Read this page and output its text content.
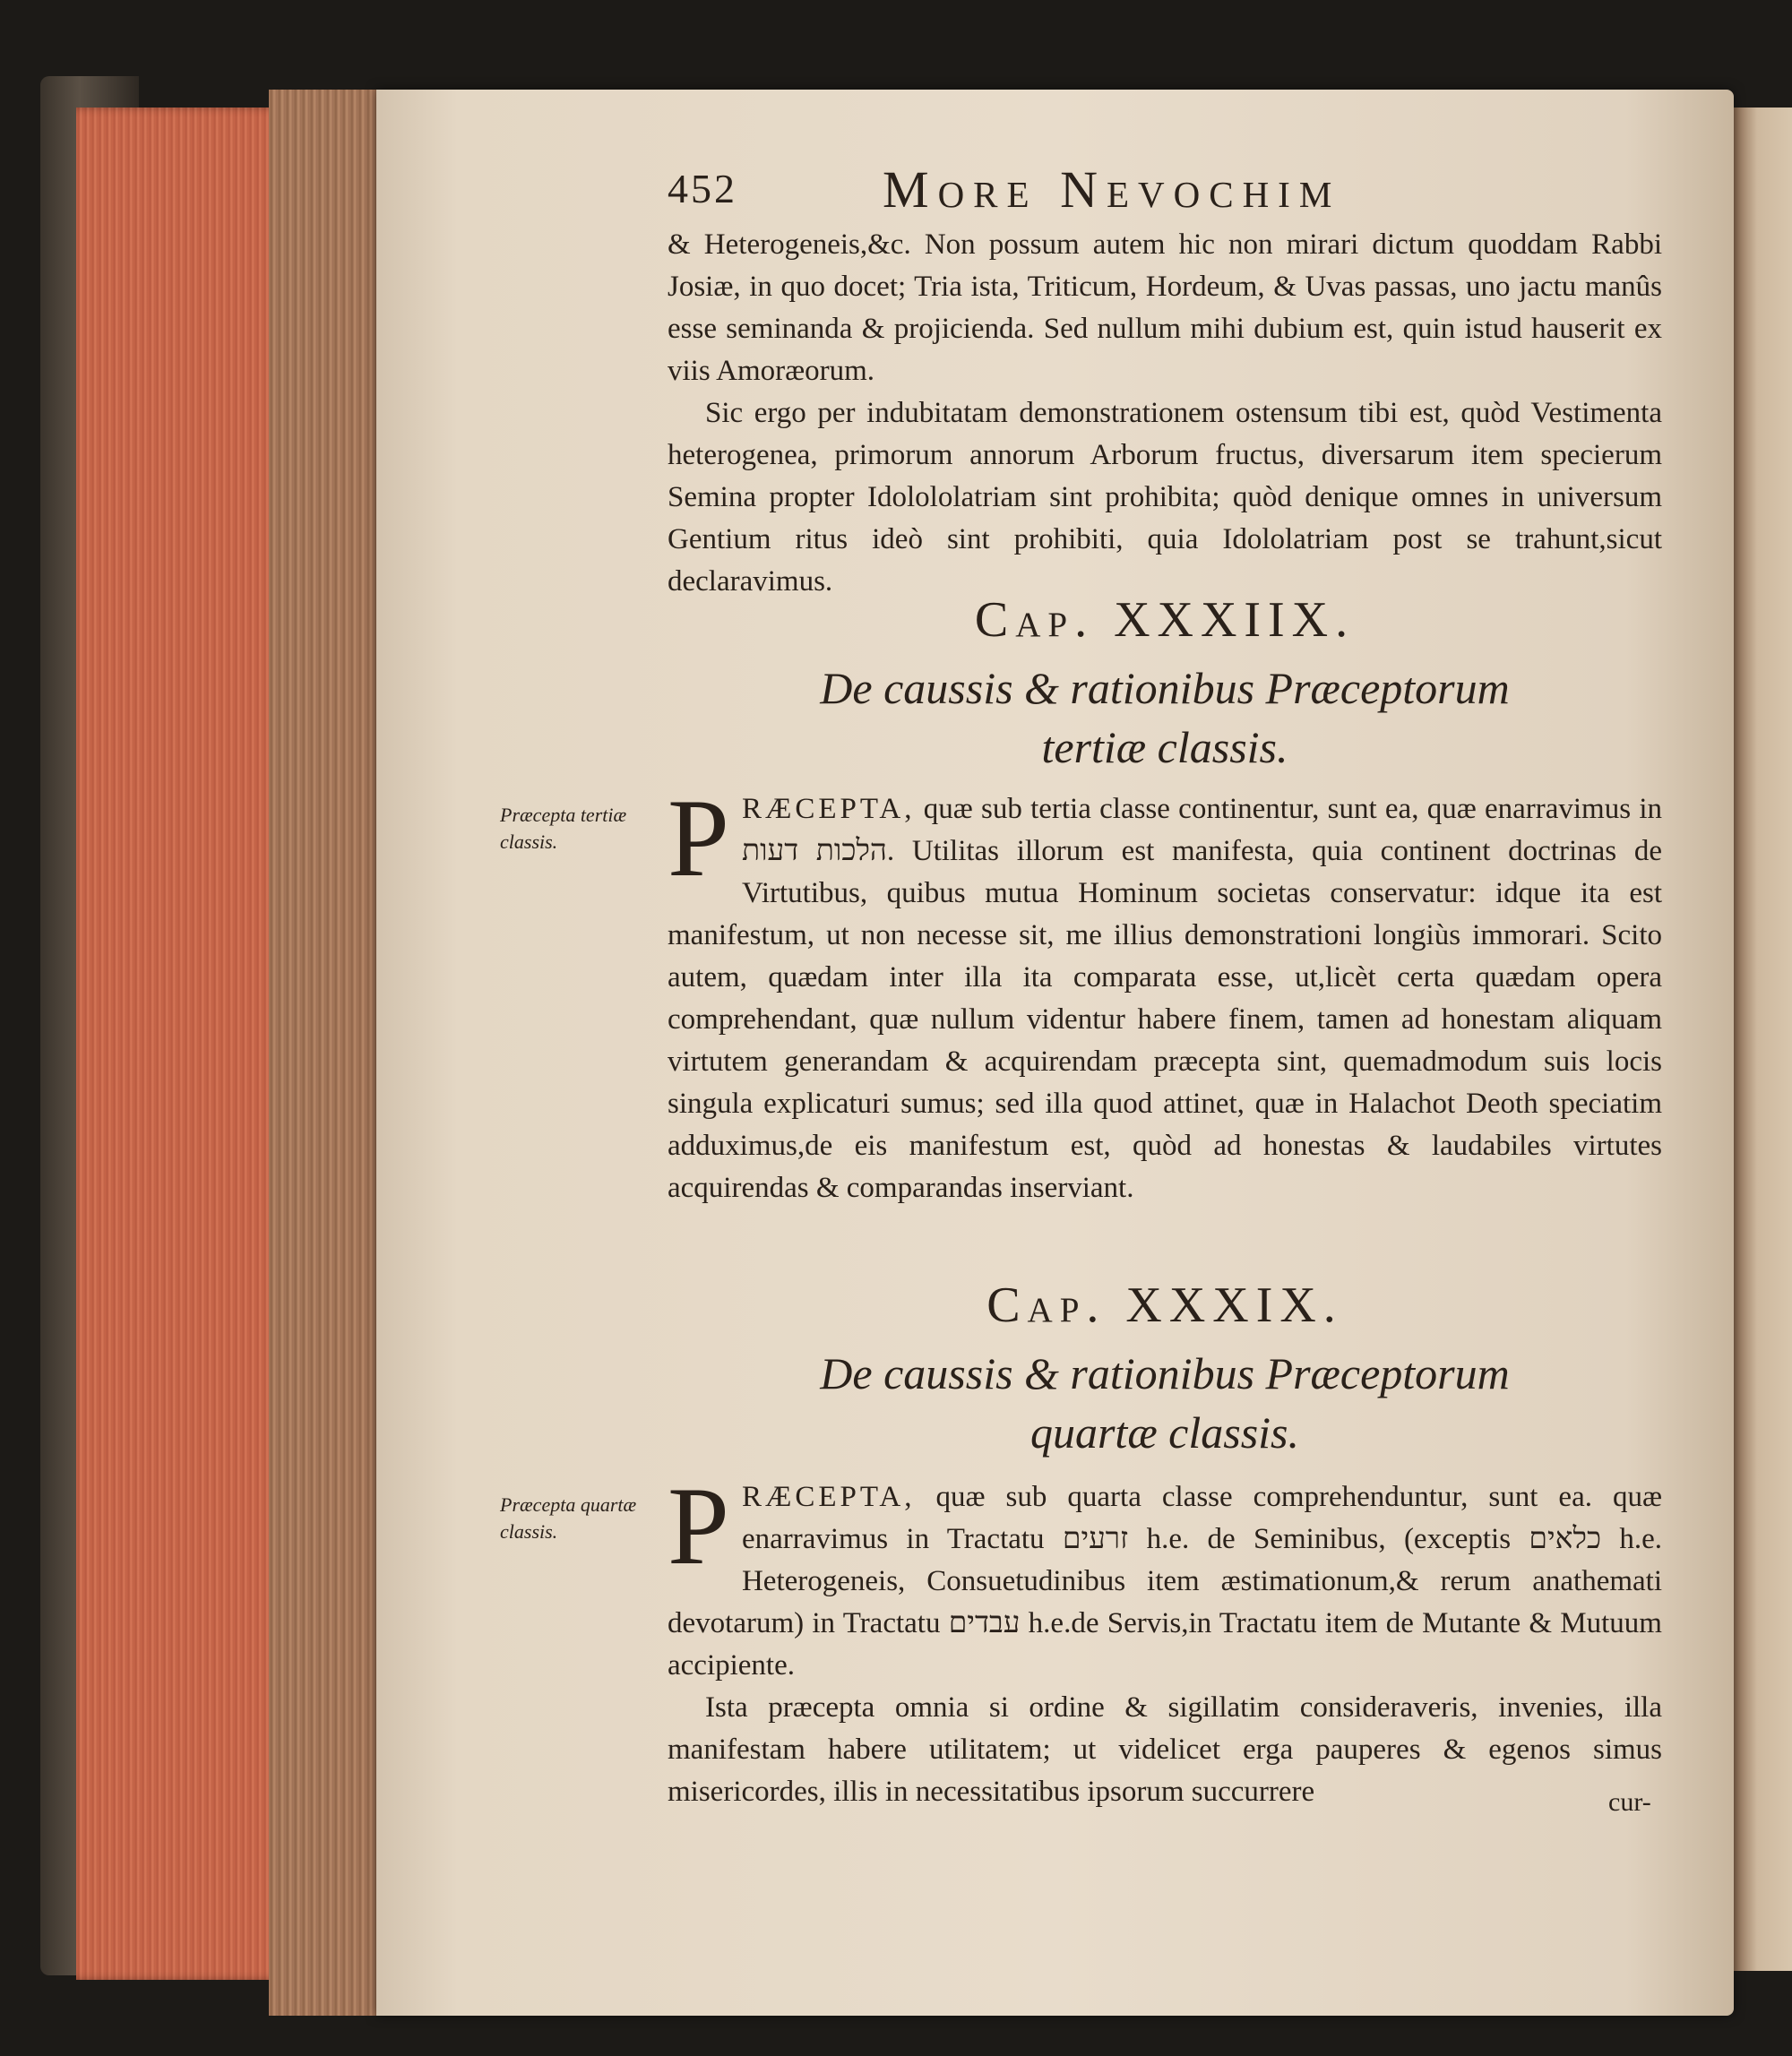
452	More Nevochim

& Heterogeneis,&c. Non possum autem hic non mirari dictum quoddam Rabbi Josiæ, in quo docet; Tria ista, Triticum, Hordeum, & Uvas passas, uno jactu manûs esse seminanda & projicienda. Sed nullum mihi dubium est, quin istud hauserit ex viis Amoræorum.

Sic ergo per indubitatam demonstrationem ostensum tibi est, quòd Vestimenta heterogenea, primorum annorum Arborum fructus, diversarum item specierum Semina propter Idolololatriam sint prohibita; quòd denique omnes in universum Gentium ritus ideò sint prohibiti, quia Idololatriam post se trahunt,sicut declaravimus.

Cap. XXXIIX.
De caussis & rationibus Præceptorum
tertiæ classis.
Præcepta tertiæ classis. PRÆCEPTA, quæ sub tertia classe continentur, sunt ea, quæ enarravimus in הלכות דעות. Utilitas illorum est manifesta, quia continent doctrinas de Virtutibus, quibus mutua Hominum societas conservatur: idque ita est manifestum, ut non necesse sit, me illius demonstrationi longiùs immorari. Scito autem, quædam inter illa ita comparata esse, ut,licèt certa quædam opera comprehendant, quæ nullum videntur habere finem, tamen ad honestam aliquam virtutem generandam & acquirendam præcepta sint, quemadmodum suis locis singula explicaturi sumus; sed illa quod attinet, quæ in Halachot Deoth speciatim adduximus,de eis manifestum est, quòd ad honestas & laudabiles virtutes acquirendas & comparandas inserviant.

Cap. XXXIX.
De caussis & rationibus Præceptorum
quartæ classis.
Præcepta quartæ classis. PRÆCEPTA, quæ sub quarta classe comprehenduntur, sunt ea. quæ enarravimus in Tractatu זרעים h.e. de Seminibus, (exceptis כלאים h.e. Heterogeneis, Consuetudinibus item æstimationum,& rerum anathemati devotarum) in Tractatu עבדים h.e.de Servis,in Tractatu item de Mutante & Mutuum accipiente.

Ista præcepta omnia si ordine & sigillatim consideraveris, invenies, illa manifestam habere utilitatem; ut videlicet erga pauperes & egenos simus misericordes, illis in necessitatibus ipsorum succurrere	cur-
